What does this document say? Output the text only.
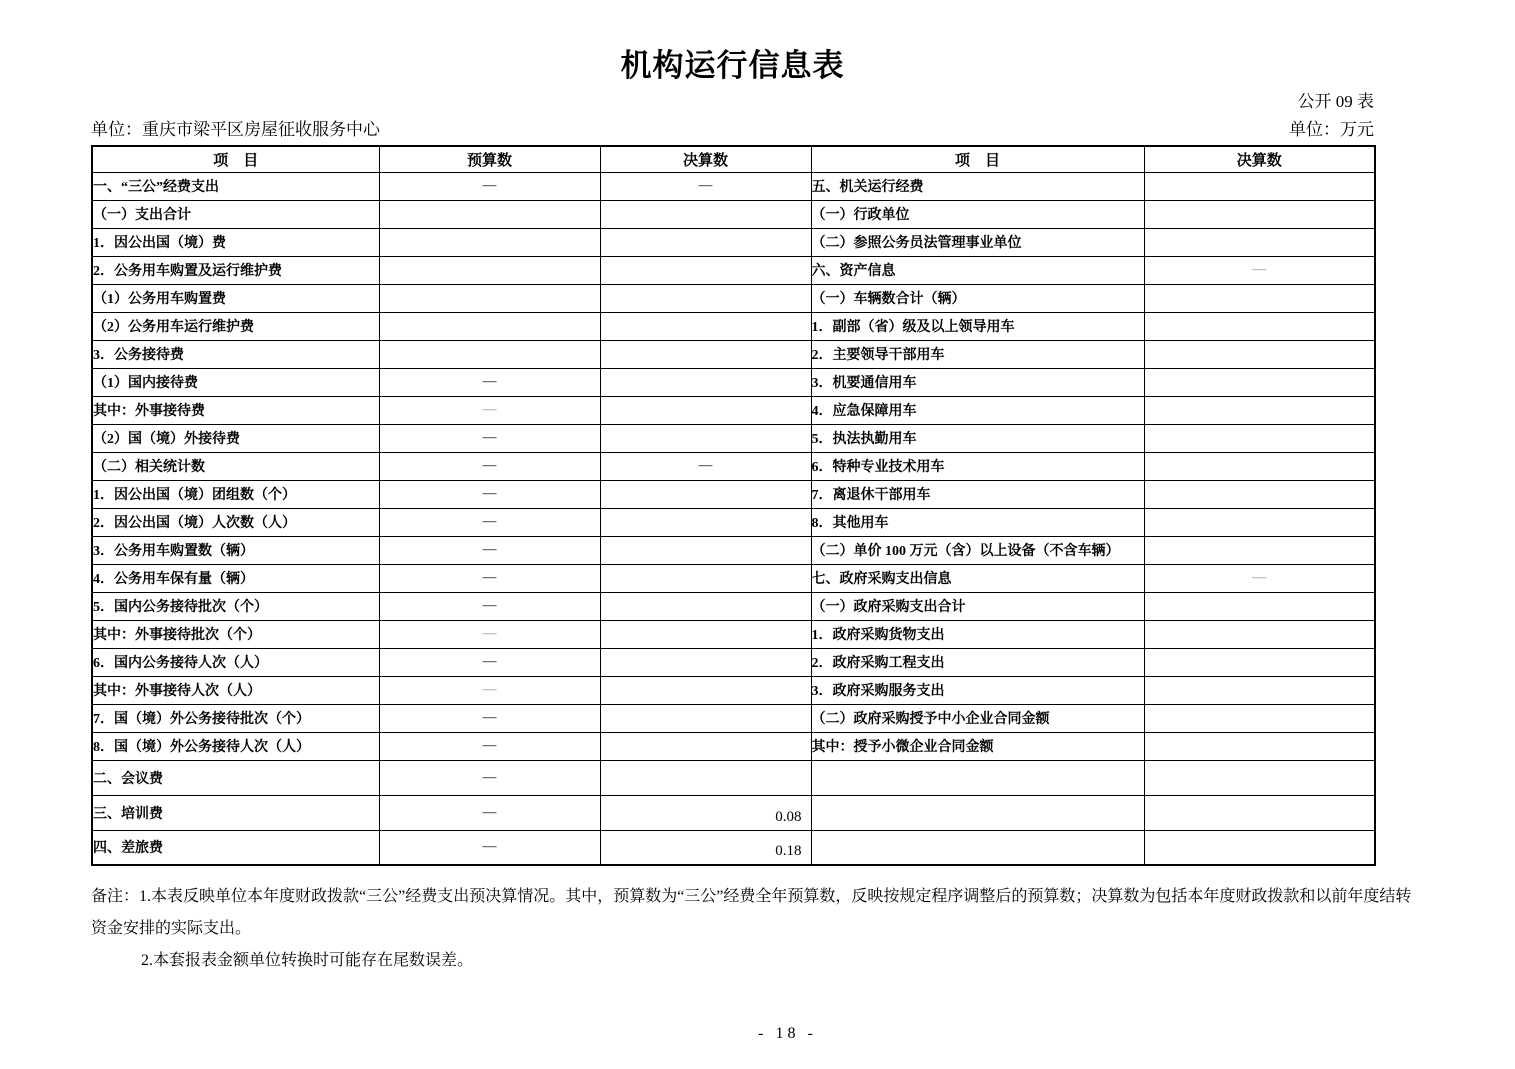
机构运行信息表
公开 09 表
单位：重庆市梁平区房屋征收服务中心	单位：万元
项　目	预算数	决算数	项　目	决算数
一、“三公”经费支出	—	—	五、机关运行经费	
（一）支出合计			（一）行政单位	
1．因公出国（境）费			（二）参照公务员法管理事业单位	
2．公务用车购置及运行维护费			六、资产信息	—
（1）公务用车购置费			（一）车辆数合计（辆）	
（2）公务用车运行维护费			1．副部（省）级及以上领导用车	
3．公务接待费			2．主要领导干部用车	
（1）国内接待费	—		3．机要通信用车	
其中：外事接待费	—		4．应急保障用车	
（2）国（境）外接待费	—		5．执法执勤用车	
（二）相关统计数	—	—	6．特种专业技术用车	
1．因公出国（境）团组数（个）	—		7．离退休干部用车	
2．因公出国（境）人次数（人）	—		8．其他用车	
3．公务用车购置数（辆）	—		（二）单价 100 万元（含）以上设备（不含车辆）	
4．公务用车保有量（辆）	—		七、政府采购支出信息	—
5．国内公务接待批次（个）	—		（一）政府采购支出合计	
其中：外事接待批次（个）	—		1．政府采购货物支出	
6．国内公务接待人次（人）	—		2．政府采购工程支出	
其中：外事接待人次（人）	—		3．政府采购服务支出	
7．国（境）外公务接待批次（个）	—		（二）政府采购授予中小企业合同金额	
8．国（境）外公务接待人次（人）	—		其中：授予小微企业合同金额	
二、会议费	—			
三、培训费	—	0.08		
四、差旅费	—	0.18		
备注：1.本表反映单位本年度财政拨款“三公”经费支出预决算情况。其中，预算数为“三公”经费全年预算数，反映按规定程序调整后的预算数；决算数为包括本年度财政拨款和以前年度结转
资金安排的实际支出。
2.本套报表金额单位转换时可能存在尾数误差。
- 18 -
